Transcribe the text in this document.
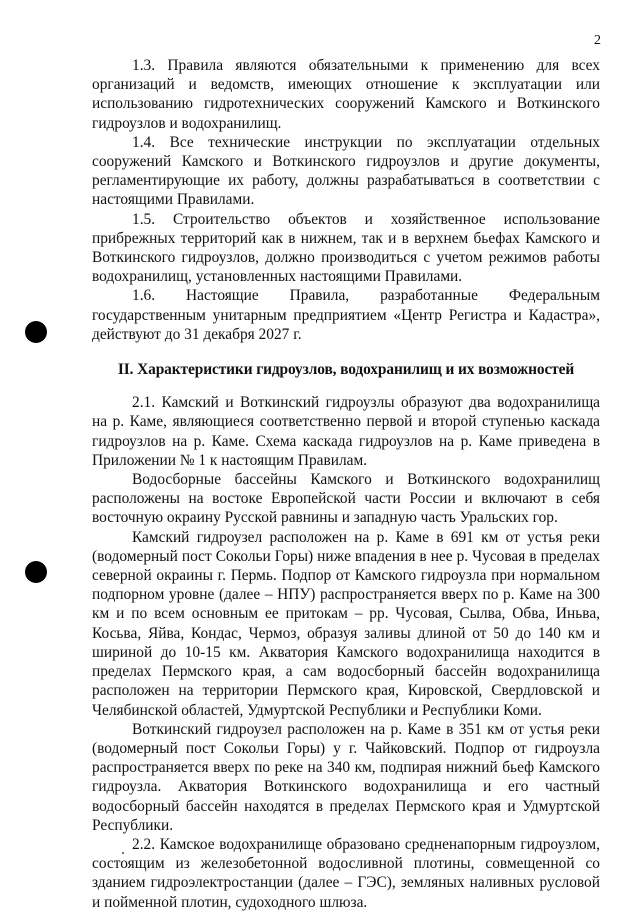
2

1.3. Правила являются обязательными к применению для всех организаций и ведомств, имеющих отношение к эксплуатации или использованию гидротехнических сооружений Камского и Воткинского гидроузлов и водохранилищ.

1.4. Все технические инструкции по эксплуатации отдельных сооружений Камского и Воткинского гидроузлов и другие документы, регламентирующие их работу, должны разрабатываться в соответствии с настоящими Правилами.

1.5. Строительство объектов и хозяйственное использование прибрежных территорий как в нижнем, так и в верхнем бьефах Камского и Воткинского гидроузлов, должно производиться с учетом режимов работы водохранилищ, установленных настоящими Правилами.

1.6. Настоящие Правила, разработанные Федеральным государственным унитарным предприятием «Центр Регистра и Кадастра», действуют до 31 декабря 2027 г.

II. Характеристики гидроузлов, водохранилищ и их возможностей

2.1. Камский и Воткинский гидроузлы образуют два водохранилища на р. Каме, являющиеся соответственно первой и второй ступенью каскада гидроузлов на р. Каме. Схема каскада гидроузлов на р. Каме приведена в Приложении № 1 к настоящим Правилам.

Водосборные бассейны Камского и Воткинского водохранилищ расположены на востоке Европейской части России и включают в себя восточную окраину Русской равнины и западную часть Уральских гор.

Камский гидроузел расположен на р. Каме в 691 км от устья реки (водомерный пост Сокольи Горы) ниже впадения в нее р. Чусовая в пределах северной окраины г. Пермь. Подпор от Камского гидроузла при нормальном подпорном уровне (далее – НПУ) распространяется вверх по р. Каме на 300 км и по всем основным ее притокам – рр. Чусовая, Сылва, Обва, Иньва, Косьва, Яйва, Кондас, Чермоз, образуя заливы длиной от 50 до 140 км и шириной до 10-15 км. Акватория Камского водохранилища находится в пределах Пермского края, а сам водосборный бассейн водохранилища расположен на территории Пермского края, Кировской, Свердловской и Челябинской областей, Удмуртской Республики и Республики Коми.

Воткинский гидроузел расположен на р. Каме в 351 км от устья реки (водомерный пост Сокольи Горы) у г. Чайковский. Подпор от гидроузла распространяется вверх по реке на 340 км, подпирая нижний бьеф Камского гидроузла. Акватория Воткинского водохранилища и его частный водосборный бассейн находятся в пределах Пермского края и Удмуртской Республики.

2.2. Камское водохранилище образовано средненапорным гидроузлом, состоящим из железобетонной водосливной плотины, совмещенной со зданием гидроэлектростанции (далее – ГЭС), земляных наливных русловой и пойменной плотин, судоходного шлюза.
